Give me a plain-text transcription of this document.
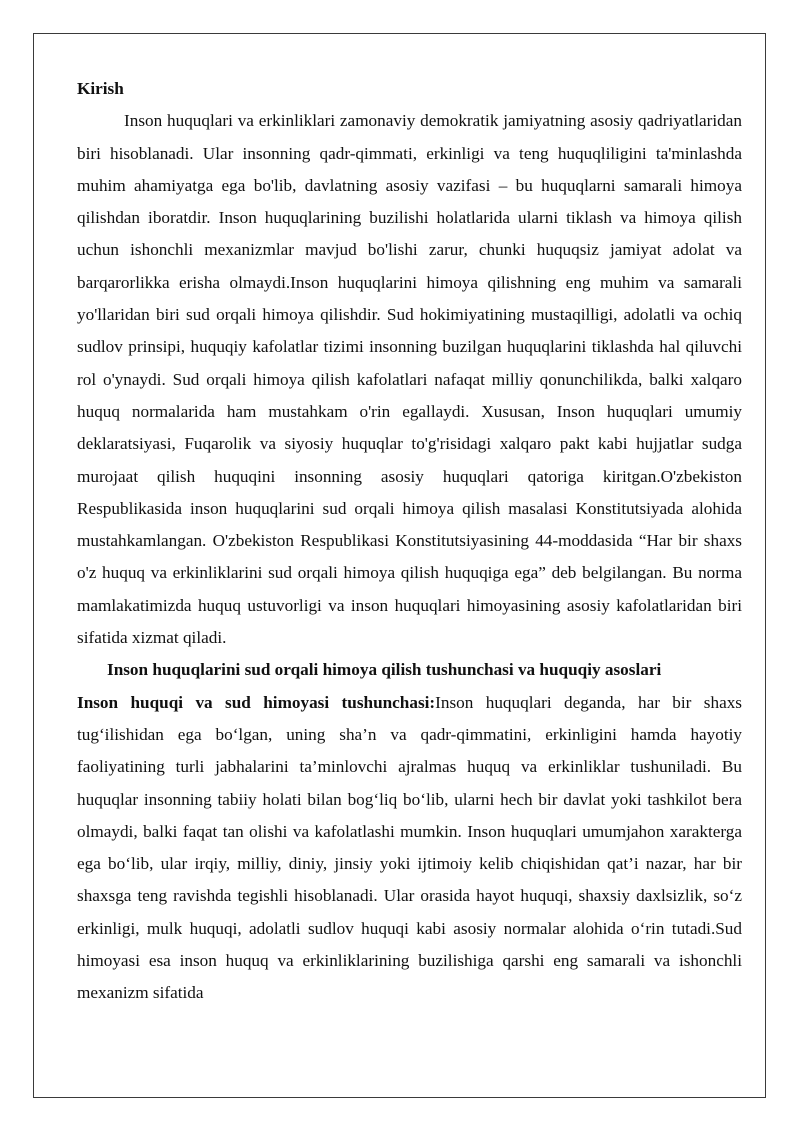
Kirish

Inson huquqlari va erkinliklari zamonaviy demokratik jamiyatning asosiy qadriyatlaridan biri hisoblanadi. Ular insonning qadr-qimmati, erkinligi va teng huquqliligini ta'minlashda muhim ahamiyatga ega bo'lib, davlatning asosiy vazifasi – bu huquqlarni samarali himoya qilishdan iboratdir. Inson huquqlarining buzilishi holatlarida ularni tiklash va himoya qilish uchun ishonchli mexanizmlar mavjud bo'lishi zarur, chunki huquqsiz jamiyat adolat va barqarorlikka erisha olmaydi.Inson huquqlarini himoya qilishning eng muhim va samarali yo'llaridan biri sud orqali himoya qilishdir. Sud hokimiyatining mustaqilligi, adolatli va ochiq sudlov prinsipi, huquqiy kafolatlar tizimi insonning buzilgan huquqlarini tiklashda hal qiluvchi rol o'ynaydi. Sud orqali himoya qilish kafolatlari nafaqat milliy qonunchilikda, balki xalqaro huquq normalarida ham mustahkam o'rin egallaydi. Xususan, Inson huquqlari umumiy deklaratsiyasi, Fuqarolik va siyosiy huquqlar to'g'risidagi xalqaro pakt kabi hujjatlar sudga murojaat qilish huquqini insonning asosiy huquqlari qatoriga kiritgan.O'zbekiston Respublikasida inson huquqlarini sud orqali himoya qilish masalasi Konstitutsiyada alohida mustahkamlangan. O'zbekiston Respublikasi Konstitutsiyasining 44-moddasida “Har bir shaxs o'z huquq va erkinliklarini sud orqali himoya qilish huquqiga ega” deb belgilangan. Bu norma mamlakatimizda huquq ustuvorligi va inson huquqlari himoyasining asosiy kafolatlaridan biri sifatida xizmat qiladi.

Inson huquqlarini sud orqali himoya qilish tushunchasi va huquqiy asoslari

Inson huquqi va sud himoyasi tushunchasi:Inson huquqlari deganda, har bir shaxs tug‘ilishidan ega bo‘lgan, uning sha’n va qadr-qimmatini, erkinligini hamda hayotiy faoliyatining turli jabhalarini ta’minlovchi ajralmas huquq va erkinliklar tushuniladi. Bu huquqlar insonning tabiiy holati bilan bog‘liq bo‘lib, ularni hech bir davlat yoki tashkilot bera olmaydi, balki faqat tan olishi va kafolatlashi mumkin. Inson huquqlari umumjahon xarakterga ega bo‘lib, ular irqiy, milliy, diniy, jinsiy yoki ijtimoiy kelib chiqishidan qat’i nazar, har bir shaxsga teng ravishda tegishli hisoblanadi. Ular orasida hayot huquqi, shaxsiy daxlsizlik, so‘z erkinligi, mulk huquqi, adolatli sudlov huquqi kabi asosiy normalar alohida o‘rin tutadi.Sud himoyasi esa inson huquq va erkinliklarining buzilishiga qarshi eng samarali va ishonchli mexanizm sifatida
